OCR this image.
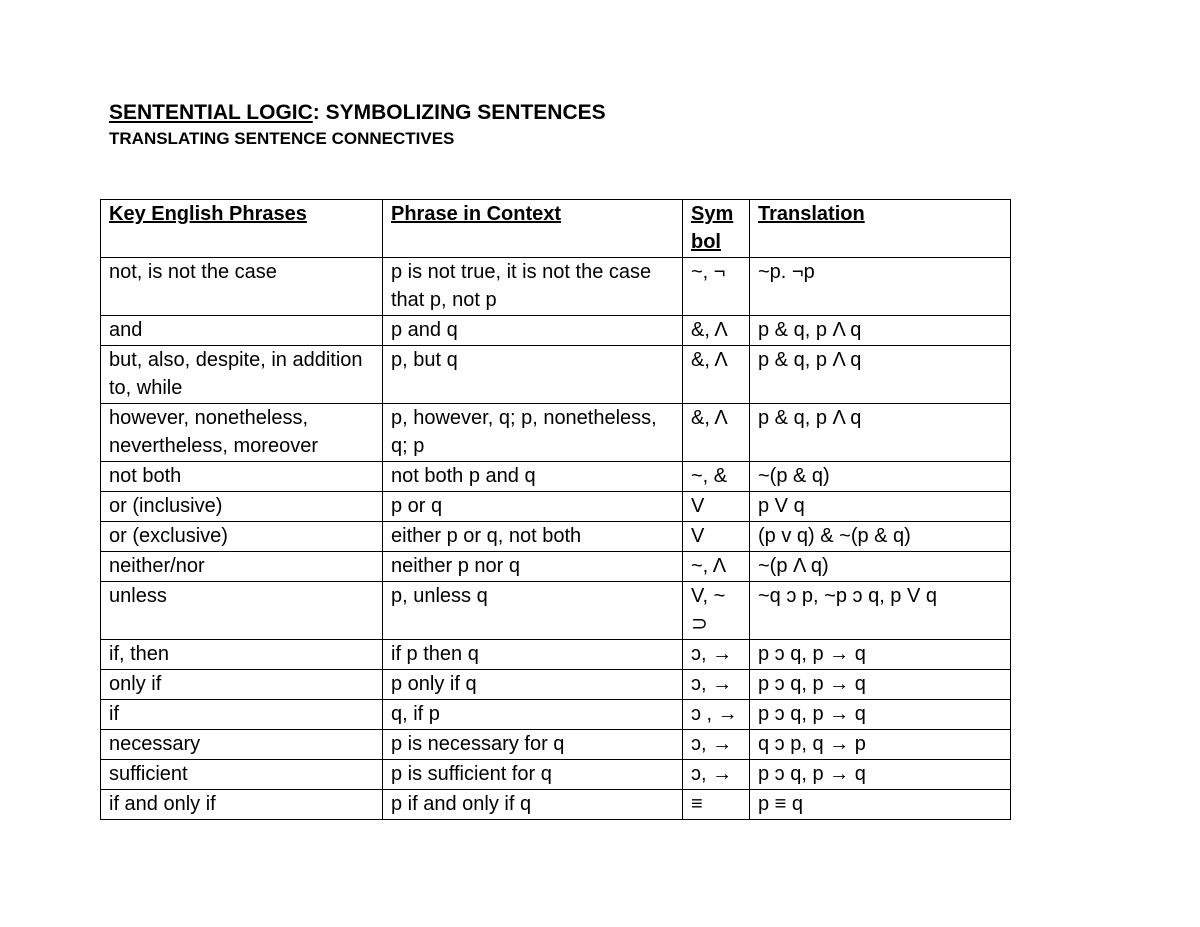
SENTENTIAL LOGIC: SYMBOLIZING SENTENCES
TRANSLATING SENTENCE CONNECTIVES
Key English Phrases	Phrase in Context	Sym bol	Translation
not, is not the case	p is not true, it is not the case that p, not p	~, ¬	~p. ¬p
and	p and q	&, Λ	p & q, p Λ q
but, also, despite, in addition to, while	p, but q	&, Λ	p & q, p Λ q
however, nonetheless, nevertheless, moreover	p, however, q; p, nonetheless, q; p	&, Λ	p & q, p Λ q
not both	not both p and q	~, &	~(p & q)
or (inclusive)	p or q	V	p V q
or (exclusive)	either p or q, not both	V	(p v q) & ~(p & q)
neither/nor	neither p nor q	~, Λ	~(p Λ q)
unless	p, unless q	V, ~ ⊃	~q ɔ p, ~p ɔ q, p V q
if, then	if p then q	ɔ, →	p ɔ q, p → q
only if	p only if q	ɔ, →	p ɔ q, p → q
if	q, if p	ɔ , →	p ɔ q, p → q
necessary	p is necessary for q	ɔ, →	q ɔ p, q → p
sufficient	p is sufficient for q	ɔ, →	p ɔ q, p → q
if and only if	p if and only if q	≡	p ≡ q
